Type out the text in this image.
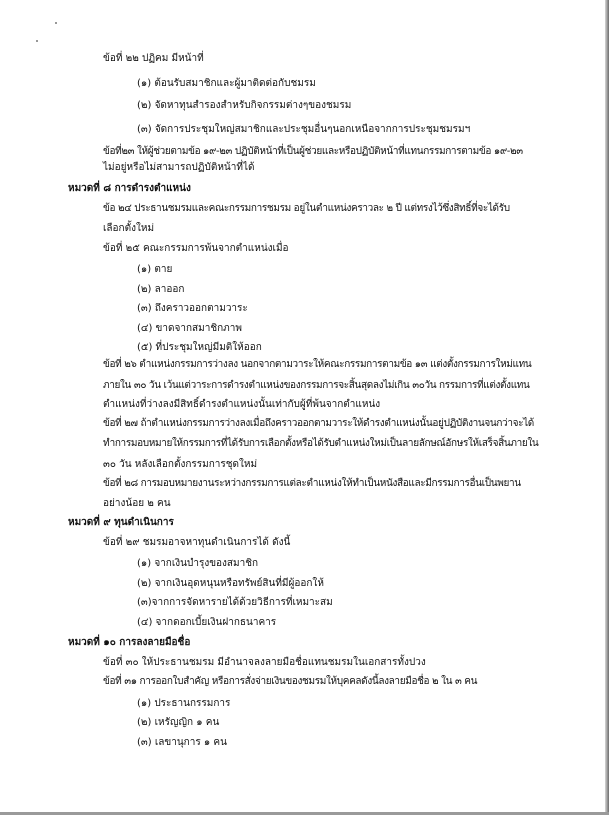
ข้อที่ ๒๒ ปฏิคม มีหน้าที่
(๑) ต้อนรับสมาชิกและผู้มาติดต่อกับชมรม
(๒) จัดหาทุนสำรองสำหรับกิจกรรมต่างๆของชมรม
(๓) จัดการประชุมใหญ่สมาชิกและประชุมอื่นๆนอกเหนือจากการประชุมชมรมฯ
ข้อที่๒๓ ให้ผู้ช่วยตามข้อ ๑๙-๒๓ ปฏิบัติหน้าที่เป็นผู้ช่วยและหรือปฏิบัติหน้าที่แทนกรรมการตามข้อ ๑๙-๒๓
ไม่อยู่หรือไม่สามารถปฏิบัติหน้าที่ได้
หมวดที่ ๘ การดำรงตำแหน่ง
ข้อ ๒๔ ประธานชมรมและคณะกรรมการชมรม อยู่ในตำแหน่งคราวละ ๒ ปี แต่ทรงไว้ซึ่งสิทธิ์ที่จะได้รับ
เลือกตั้งใหม่
ข้อที่ ๒๕ คณะกรรมการพ้นจากตำแหน่งเมื่อ
(๑) ตาย
(๒) ลาออก
(๓) ถึงคราวออกตามวาระ
(๔) ขาดจากสมาชิกภาพ
(๕) ที่ประชุมใหญ่มีมติให้ออก
ข้อที่ ๒๖ ตำแหน่งกรรมการว่างลง นอกจากตามวาระให้คณะกรรมการตามข้อ ๑๓ แต่งตั้งกรรมการใหม่แทน
ภายใน ๓๐ วัน เว้นแต่วาระการดำรงตำแหน่งของกรรมการจะสิ้นสุดลงไม่เกิน ๓๐วัน กรรมการที่แต่งตั้งแทน
ตำแหน่งที่ว่างลงมีสิทธิ์ดำรงตำแหน่งนั้นเท่ากับผู้ที่พ้นจากตำแหน่ง
ข้อที่ ๒๗ ถ้าตำแหน่งกรรมการว่างลงเมื่อถึงคราวออกตามวาระให้ดำรงตำแหน่งนั้นอยู่ปฏิบัติงานจนกว่าจะได้
ทำการมอบหมายให้กรรมการที่ได้รับการเลือกตั้งหรือได้รับตำแหน่งใหม่เป็นลายลักษณ์อักษรให้เสร็จสิ้นภายใน
๓๐ วัน หลังเลือกตั้งกรรมการชุดใหม่
ข้อที่ ๒๘ การมอบหมายงานระหว่างกรรมการแต่ละตำแหน่งให้ทำเป็นหนังสือและมีกรรมการอื่นเป็นพยาน
อย่างน้อย ๒ คน
หมวดที่ ๙ ทุนดำเนินการ
ข้อที่ ๒๙ ชมรมอาจหาทุนดำเนินการได้ ดังนี้
(๑) จากเงินบำรุงของสมาชิก
(๒) จากเงินอุดหนุนหรือทรัพย์สินที่มีผู้ออกให้
(๓)จากการจัดหารายได้ด้วยวิธีการที่เหมาะสม
(๔) จากดอกเบี้ยเงินฝากธนาคาร
หมวดที่ ๑๐ การลงลายมือชื่อ
ข้อที่ ๓๐ ให้ประธานชมรม มีอำนาจลงลายมือชื่อแทนชมรมในเอกสารทั้งปวง
ข้อที่ ๓๑ การออกใบสำคัญ หรือการสั่งจ่ายเงินของชมรมให้บุคคลดังนี้ลงลายมือชื่อ ๒ ใน ๓ คน
(๑) ประธานกรรมการ
(๒) เหรัญญิก ๑ คน
(๓) เลขานุการ ๑ คน
